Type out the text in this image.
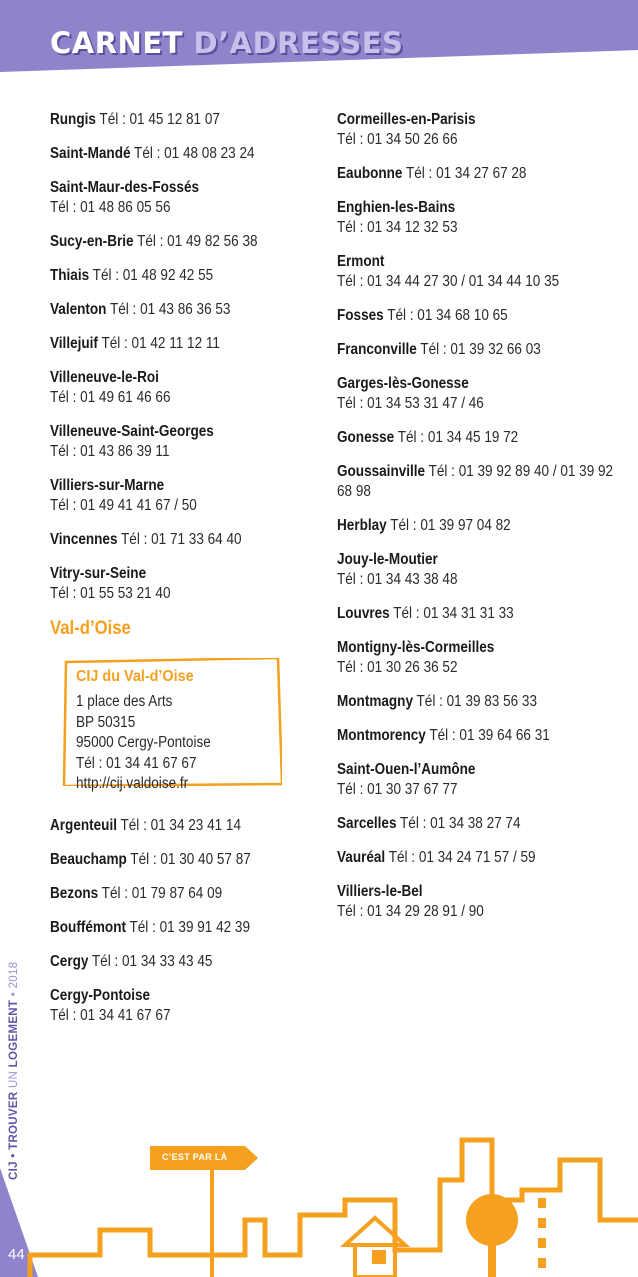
CARNET D’ADRESSES
Rungis Tél : 01 45 12 81 07
Saint-Mandé Tél : 01 48 08 23 24
Saint-Maur-des-Fossés
Tél : 01 48 86 05 56
Sucy-en-Brie Tél : 01 49 82 56 38
Thiais Tél : 01 48 92 42 55
Valenton Tél : 01 43 86 36 53
Villejuif Tél : 01 42 11 12 11
Villeneuve-le-Roi
Tél : 01 49 61 46 66
Villeneuve-Saint-Georges
Tél : 01 43 86 39 11
Villiers-sur-Marne
Tél : 01 49 41 41 67 / 50
Vincennes Tél : 01 71 33 64 40
Vitry-sur-Seine
Tél : 01 55 53 21 40
Val-d’Oise
CIJ du Val-d’Oise
1 place des Arts
BP 50315
95000 Cergy-Pontoise
Tél : 01 34 41 67 67
http://cij.valdoise.fr
Argenteuil Tél : 01 34 23 41 14
Beauchamp Tél : 01 30 40 57 87
Bezons Tél : 01 79 87 64 09
Bouffémont Tél : 01 39 91 42 39
Cergy Tél : 01 34 33 43 45
Cergy-Pontoise
Tél : 01 34 41 67 67
Cormeilles-en-Parisis
Tél : 01 34 50 26 66
Eaubonne Tél : 01 34 27 67 28
Enghien-les-Bains
Tél : 01 34 12 32 53
Ermont
Tél : 01 34 44 27 30 / 01 34 44 10 35
Fosses Tél : 01 34 68 10 65
Franconville Tél : 01 39 32 66 03
Garges-lès-Gonesse
Tél : 01 34 53 31 47 / 46
Gonesse Tél : 01 34 45 19 72
Goussainville Tél : 01 39 92 89 40 / 01 39 92 68 98
Herblay Tél : 01 39 97 04 82
Jouy-le-Moutier
Tél : 01 34 43 38 48
Louvres Tél : 01 34 31 31 33
Montigny-lès-Cormeilles
Tél : 01 30 26 36 52
Montmagny Tél : 01 39 83 56 33
Montmorency Tél : 01 39 64 66 31
Saint-Ouen-l’Aumône
Tél : 01 30 37 67 77
Sarcelles Tél : 01 34 38 27 74
Vauréal Tél : 01 34 24 71 57 / 59
Villiers-le-Bel
Tél : 01 34 29 28 91 / 90
CIJ • TROUVER UN LOGEMENT • 2018
C’EST PAR LÀ
44
